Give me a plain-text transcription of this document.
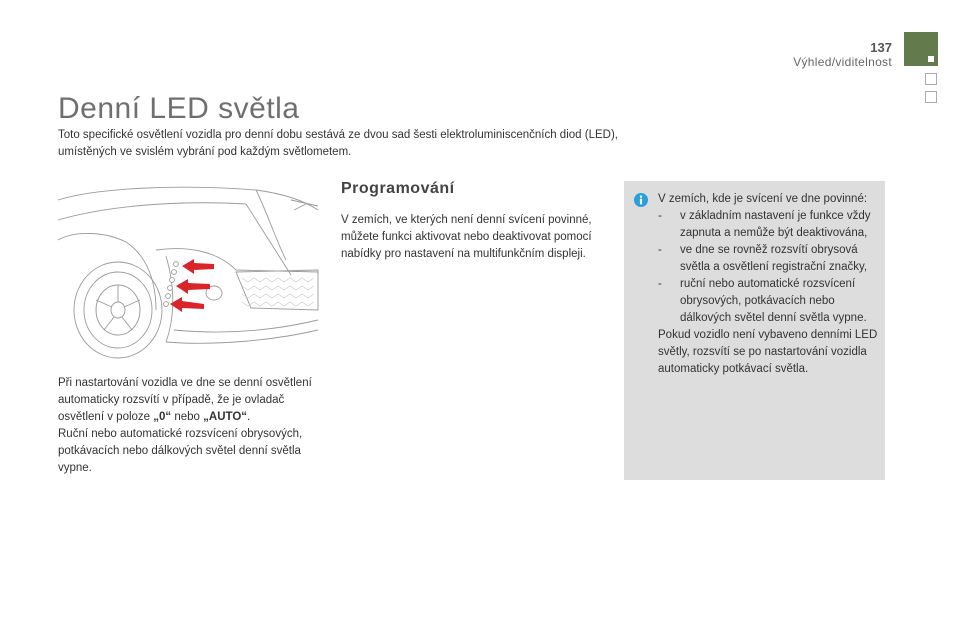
137
Výhled/viditelnost
Denní LED světla

Toto specifické osvětlení vozidla pro denní dobu sestává ze dvou sad šesti elektroluminiscenčních diod (LED), umístěných ve svislém vybrání pod každým světlometem.

Při nastartování vozidla ve dne se denní osvětlení automaticky rozsvítí v případě, že je ovladač osvětlení v poloze „0“ nebo „AUTO“.
Ruční nebo automatické rozsvícení obrysových, potkávacích nebo dálkových světel denní světla vypne.

Programování

V zemích, ve kterých není denní svícení povinné, můžete funkci aktivovat nebo deaktivovat pomocí nabídky pro nastavení na multifunkčním displeji.

V zemích, kde je svícení ve dne povinné:
- v základním nastavení je funkce vždy zapnuta a nemůže být deaktivována,
- ve dne se rovněž rozsvítí obrysová světla a osvětlení registrační značky,
- ruční nebo automatické rozsvícení obrysových, potkávacích nebo dálkových světel denní světla vypne.
Pokud vozidlo není vybaveno denními LED světly, rozsvítí se po nastartování vozidla automaticky potkávací světla.
